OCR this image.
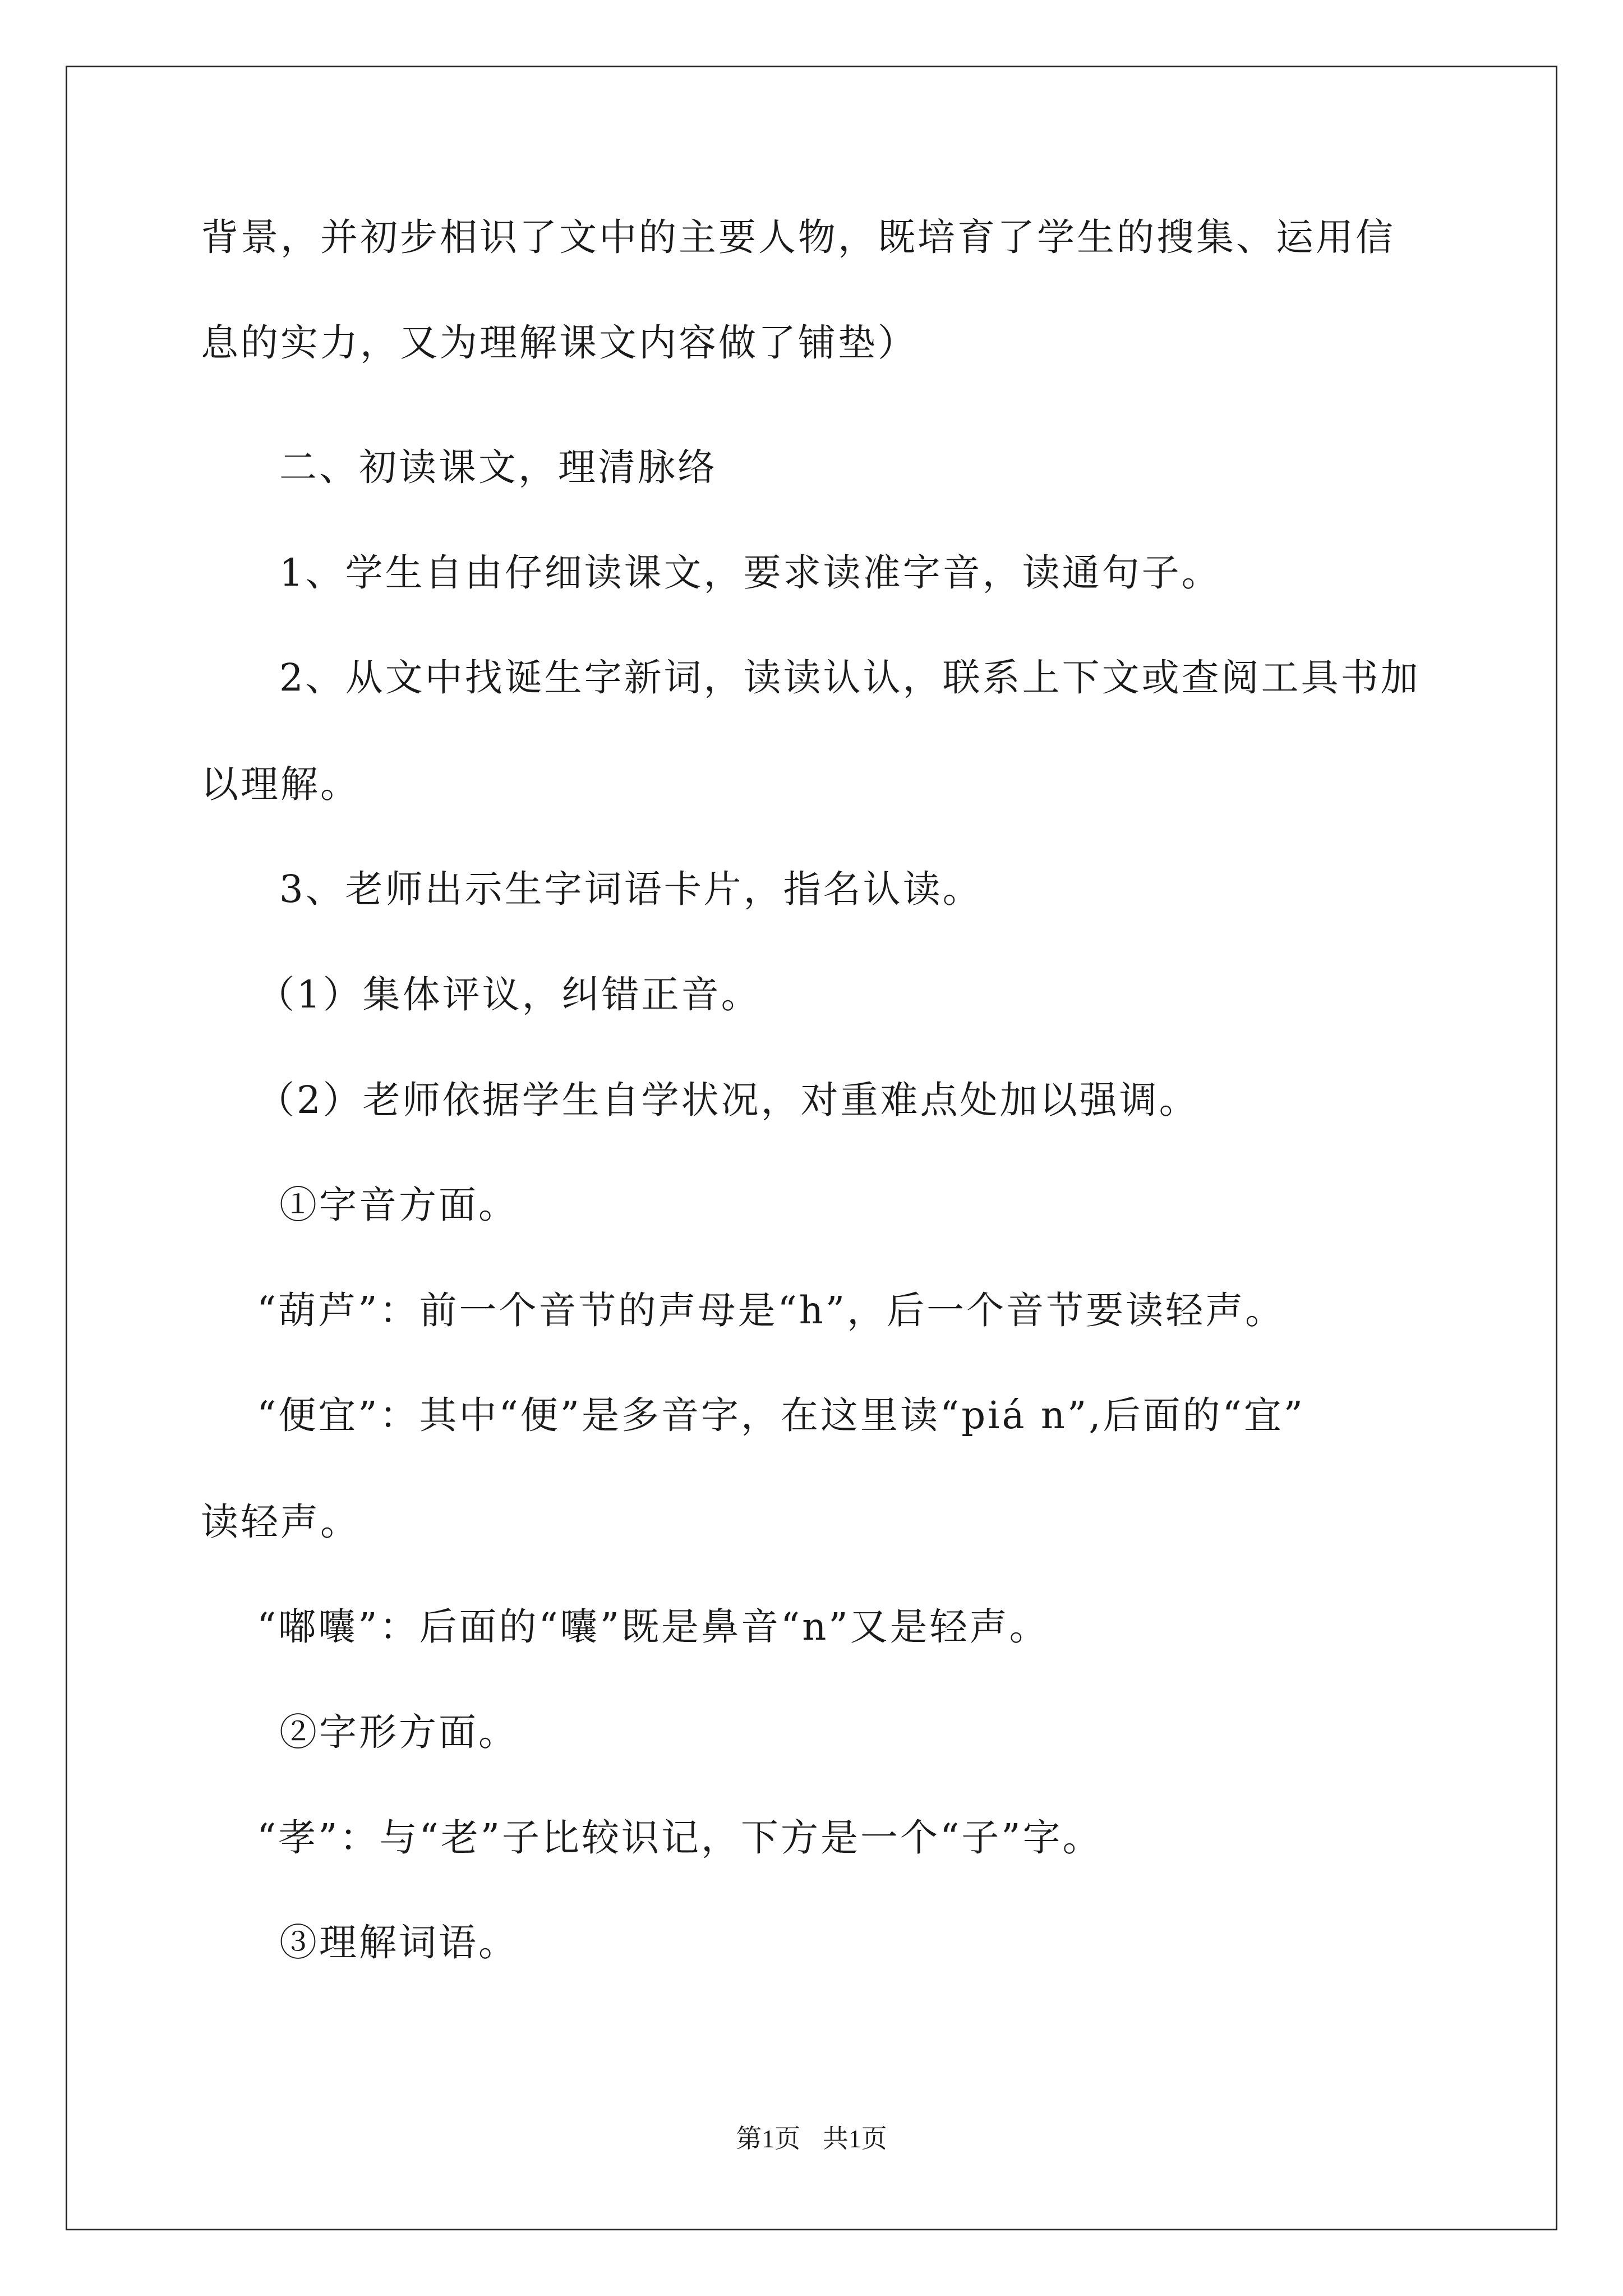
背景，并初步相识了文中的主要人物，既培育了学生的搜集、运用信
息的实力，又为理解课文内容做了铺垫）
二、初读课文，理清脉络
1、学生自由仔细读课文，要求读准字音，读通句子。
2、从文中找诞生字新词，读读认认，联系上下文或查阅工具书加
以理解。
3、老师出示生字词语卡片，指名认读。
（1）集体评议，纠错正音。
（2）老师依据学生自学状况，对重难点处加以强调。
①字音方面。
“葫芦”：前一个音节的声母是“h”，后一个音节要读轻声。
“便宜”：其中“便”是多音字，在这里读“piá n”,后面的“宜”
读轻声。
“嘟囔”：后面的“囔”既是鼻音“n”又是轻声。
②字形方面。
“孝”：与“老”子比较识记，下方是一个“子”字。
③理解词语。
第1页 共1页
